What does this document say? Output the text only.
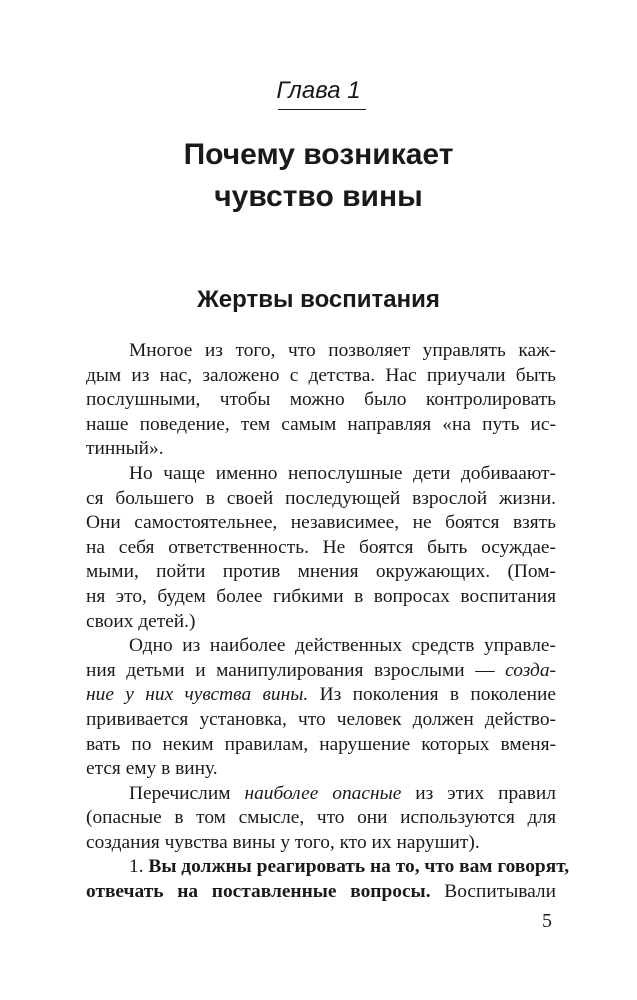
Глава 1
Почему возникает
чувство вины
Жертвы воспитания
Многое из того, что позволяет управлять каж-
дым из нас, заложено с детства. Нас приучали быть
послушными, чтобы можно было контролировать
наше поведение, тем самым направляя «на путь ис-
тинный».
Но чаще именно непослушные дети добиваают-
ся большего в своей последующей взрослой жизни.
Они самостоятельнее, независимее, не боятся взять
на себя ответственность. Не боятся быть осуждае-
мыми, пойти против мнения окружающих. (Пом-
ня это, будем более гибкими в вопросах воспитания
своих детей.)
Одно из наиболее действенных средств управле-
ния детьми и манипулирования взрослыми — созда-
ние у них чувства вины. Из поколения в поколение
прививается установка, что человек должен действо-
вать по неким правилам, нарушение которых вменя-
ется ему в вину.
Перечислим наиболее опасные из этих правил
(опасные в том смысле, что они используются для
создания чувства вины у того, кто их нарушит).
1. Вы должны реагировать на то, что вам говорят,
отвечать на поставленные вопросы. Воспитывали
5
